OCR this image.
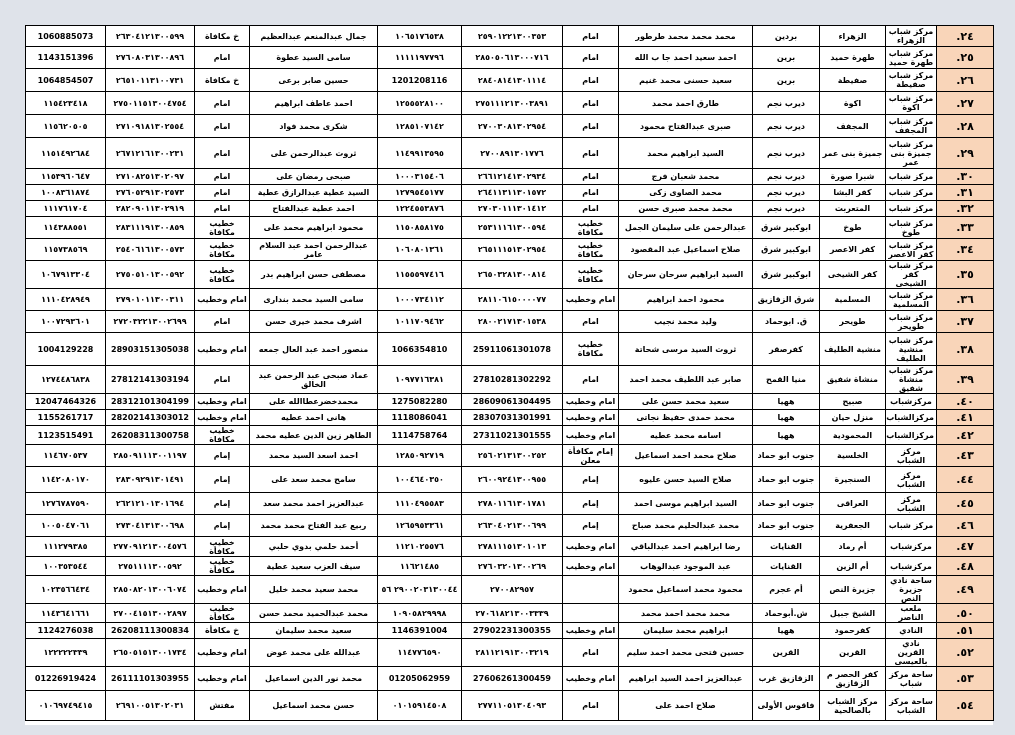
٢٤.	مركز شباب الزهراء	الزهراء	بردين	محمد محمد محمد طرطور	امام	٢٥٩٠١٢٢١٣٠٠٣٥٣	١٠٦٥١٧٦٥٣٨	جمال عبدالمنعم عبدالعظيم	خ مكافاة	٢٦٣٠٤١٢١٣٠٠٥٩٩	1060885073
٢٥.	مركز شباب طهرة حميد	طهرة حميد	برين	احمد سعيد احمد جا ب الله	امام	٢٨٥٠٥٠٦١٣٠٠٠٧١٦	١١١١١٩٧٧٩٦	سامى السيد عطوة	امام	٢٧٦٠٨٠٣١٣٠٠٨٩٦	1143151396
٢٦.	مركز شباب صفيطة	صفيطة	برين	سعيد حسنى محمد غنيم	امام	٢٨٤٠٨١٤١٣٠١١١٤	1201208116	حسين صابر برعى	خ مكافاة	٢٦٥١٠١١٣١٠٠٧٣١	1064854507
٢٧.	مركز شباب اكوة	اكوة	ديرب نجم	طارق احمد محمد	امام	٢٧٥١١١٢١٣٠٠٣٨٩١	١٢٥٥٥٢٨١٠٠	احمد عاطف ابراهيم	امام	٢٧٥٠١١٥١٣٠٠٤٧٥٤	١١٥٤٢٣٤١٨
٢٨.	مركز شباب المجفف	المجفف	ديرب نجم	صبرى عبدالفتاح محمود	امام	٢٧٠٠٣٠٨١٣٠٢٩٥٤	١٢٨٥١٠٧١٤٢	شكرى محمد فواد	امام	٢٧١٠٩١٨١٣٠٢٥٥٤	١١٥٦٢٠٥٠٥
٢٩.	مركز شباب جميزة بنى عمر	جميزة بنى عمر	ديرب نجم	السيد ابراهيم محمد	امام	٢٧٠٠٨٩١٣٠١٧٧٦	١١٤٩٩١٣٥٩٥	ثروت عبدالرحمن على	امام	٢٦٧١٢١٦١٣٠٠٢٣١	١١٥١٤٩٢٦٨٤
٣٠.	مركز شباب	شبرا صورة	ديرب نجم	محمد شعبان فرج	امام	٢٦٦١٢١٤١٣٠٢٩٣٤	١٠٠٠٣١٥٤٠٦	صبحى رمضان على	امام	٢٧١٠٨٢٥١٣٠٢٠٩٧	١١٥٣٩٦٠٦٤٧
٣١.	مركز شباب	كفر البشا	ديرب نجم	محمد الصاوى زكى	امام	٢٦٤١١٣١١٣٠١٥٧٢	١٢٧٩٥٤٥١٧٧	السيد عطية عبدالرازق عطية	امام	٢٧٦٠٥٢٩١٣٠٢٥٧٣	١٠٠٨٣٦١٨٧٤
٣٢.	مركز شباب	المتعربت	ديرب نجم	محمد محمد صبرى حسن	امام	٢٧٠٣٠١١١٣٠١٤١٢	١٢٢٤٥٥٣٨٧٦	احمد عطية عبدالفتاح	امام	٢٨٢٠٩٠١١٣٠٢٩١٩	١١١٧٦١٧٠٤
٣٣.	مركز شباب طوخ	طوخ	ابوكبير شرق	عبدالرحمن على سليمان الجمل	خطيب مكافاة	٢٥٣١١١٦١٣٠٠٥٩٤	١١٥٠٨٥٨١٧٥	محمود ابراهيم محمد على	خطيب مكافاة	٢٨٣١١١٩١٣٠٠٨٥٩	١١٤٣٨٨٥٥١
٣٤.	مركز شباب كفر الاعصر	كفر الاعصر	ابوكبير شرق	صلاح اسماعيل عبد المقصود	خطيب مكافاة	٢٦٥١١١٥١٣٠٢٩٥٤	١٠٦٠٨٠١٣٦١	عبدالرحمن احمد عبد السلام عامر	خطيب مكافاة	٢٥٤٠٦١٦١٣٠٠٥٧٣	١١٥٧٣٨٥٦٩
٣٥.	مركز شباب كفر الشيخى	كفر الشيخى	ابوكبير شرق	السيد ابراهيم سرحان سرحان	خطيب مكافاة	٢٦٥٠٣٢٨١٣٠٠٨١٤	١١٥٥٥٩٧٤١٦	مصطفى حسن ابراهيم بدر	خطيب مكافاة	٢٧٥٠٥١٠١٣٠٠٥٩٢	١٠٦٧٩١٣٣٠٤
٣٦.	مركز شباب المسلمية	المسلمية	شرق الزقازيق	محمود احمد ابراهيم	امام وخطيب	٢٨١١٠٦١٥٠٠٠٠٧٧	١٠٠٠٧٣٤١١٢	سامى السيد محمد بندارى	امام وخطيب	٢٧٩٠١٠١١٣٠٠٣١١	١١١٠٤٢٨٩٤٩
٣٧.	مركز شباب طويحر	طويحر	ق. ابوحماد	وليد محمد نجيب	امام	٢٨٠٠٢١٧١٣٠١٥٣٨	١٠١١٧٠٩٤٦٢	اشرف محمد خيرى حسن	امام	٢٧٢٠٣٢٢١٣٠٠٢٦٩٩	١٠٠٧٢٩٣٦٠١
٣٨.	مركز شباب منشية الطليف	منشية الطليف	كفرصقر	ثروت السيد مرسى شحاتة	خطيب مكافاة	25911061301078	1066354810	منصور احمد عبد العال جمعه	امام وخطيب	28903151305038	1004129228
٣٩.	مركز شباب منشاة شفيق	منشاة شفيق	منيا القمح	صابر عبد اللطيف محمد احمد	امام	27810281302292	١٠٩٧٧١٦٣٨١	عماد صبحى عبد الرحمن عبد الخالق	امام	27812141303194	١٢٧٤٤٨٦٨٣٨
٤٠.	مركزشباب	صبيح	ههيا	سعيد محمد حسن على	امام وخطيب	28609061304495	1275082280	محمدخضرعطاالله على	امام وخطيب	28312101304199	12047464326
٤١.	مركزالشباب	منزل حيان	ههيا	محمد حمدى حفيظ نجاتى	امام وخطيب	28307031301991	1118086041	هانى احمد عطيه	امام وخطيب	28202141303012	1155261717
٤٢.	مركزالشباب	المحمودية	ههيا	اسامه محمد عطيه	امام وخطيب	27311021301555	1114758764	الطاهر زين الدين عطيه محمد	خطيب مكافاة	26208311300758	1123515491
٤٣.	مركز الشباب	الخلسية	جنوب ابو حماد	صلاح محمد احمد اسماعيل	إمام مكافأة معلن	٢٥٦٠٢١٣١٣٠٠٢٥٢	١٢٨٥٠٩٢٧١٩	احمد اسعد السيد محمد	إمام	٢٨٥٠٩١١١٣٠٠١١٩٧	١١٤٦٧٠٥٣٧
٤٤.	مركز الشباب	السنجيرة	جنوب ابو حماد	صلاح السيد حسن عليوه	إمام	٢٦٠٠٩٢٤١٣٠٠٩٥٥	١٠٠٤٦٤٠٣٥٠	سامح محمد سعد على	إمام	٢٨٣٠٩٢٩١٣٠١٤٩١	١١٤٢٠٨٠١٧٠
٤٥.	مركز الشباب	العراقى	جنوب ابو حماد	السيد ابراهيم موسى احمد	إمام	٢٧٨٠١١٦١٣٠١٧٨١	١١١٠٤٩٥٥٨٣	عبدالعزيز احمد محمد سعد	إمام	٢٦٢١٢١٠١٣٠١٦٩٤	١٢٧٦٧٨٧٥٩٠
٤٦.	مركز شباب	الجعفرية	جنوب ابو حماد	محمد عبدالحليم محمد صباح	إمام	٢٦٣٠٤٠٢١٣٠٠٦٩٩	١٢٦٥٩٥٣٣٦١	ربيع عبد الفتاح محمد محمد	إمام	٢٧٣٠٤١٣١٣٠٠٦٩٨	١٠٠٥٠٤٧٠٦١
٤٧.	مركزشباب	أم رماد	القنايات	رضا ابراهيم احمد عبدالباقي	امام وخطيب	٢٧٨١١١٥١٣٠١٠١٣	١١٢١٠٢٥٥٧٦	أحمد حلمي بدوي حلبي	خطيب مكافأة	٢٧٧٠٩١٢١٣٠٠٤٥٧٦	١١١٢٧٩٣٨٥
٤٨.	مركزشباب	أم الزين	القنايات	عبد الموجود عبدالوهاب	امام وخطيب	٢٧٦٠٣٢٠١٣٠٠٢٦٩	١١٦٢١٤٨٥	سيف العزب سعيد عطية	خطيب مكافأة	٢٧٥١١١١٣٠٠٥٩٢	١٠٠٣٥٣٥٤٤
٤٩.	ساحة نادي جزيرة النص	جزيرة النص	أم عجرم	محمود محمد اسماعيل محمود		٢٧٠٠٨٢٩٥٧	٢٩٠٠٢٠٣١٣٠٠٤٤ ٥٦	محمد سعيد محمد خليل	امام وخطيب	٢٨٥٠٨٢٠١٣٠٠٦٠٧٤	١٠٢٣٥٦٦٤٣٤
٥٠.	ملعب الناصر	الشيخ جبيل	ش.أبوحماد	محمد محمد احمد محمد		٢٧٠٦١٨٢١٣٠٠٣٣٣٩	١٠٩٠٥٨٢٩٩٩٨	محمد عبدالحميد محمد حسن	خطيب مكافأة	٢٧٠٠٤١٥١٣٠٠٢٨٩٧	١١٤٣٦٤١٦٦١
٥١.	النادي	كفرحمود	ههيا	ابراهيم محمد سليمان	امام وخطيب	27902231300355	1146391004	سعيد محمد سليمان	خ مكافأة	26208111300834	1124276038
٥٢.	نادي القرين بالعيسى	القرين	القرين	حسين فتحى محمد احمد سليم	امام	٢٨١١٢١٩١٣٠٠٣٢١٩	١١٤٧٧٦٥٩٠	عبدالله على محمد عوض	امام وخطيب	٢٦٥٠٥١٥١٣٠٠١٧٣٤	١٢٢٢٢٢٣٣٩
٥٣.	ساحة مركز شباب	كفر الحصر م الزقازيق	الزقازيق غرب	عبدالعزيز احمد السيد ابراهيم	امام وخطيب	27606261300459	01205062959	محمد نور الدين اسماعيل	امام وخطيب	26111101303955	01226919424
٥٤.	ساحة مركز الشباب	مركز الشباب بالصالحية	فاقوس الأولى	صلاح احمد على	امام	٢٧٧١١٠٥١٣٠٤٠٩٣	٠١٠١٥٩١٤٥٠٨	حسن محمد اسماعيل	مفتش	٢٦٩١٠٠٥١٣٠٢٠٣١	٠١٠٦٩٧٤٩٤١٥
